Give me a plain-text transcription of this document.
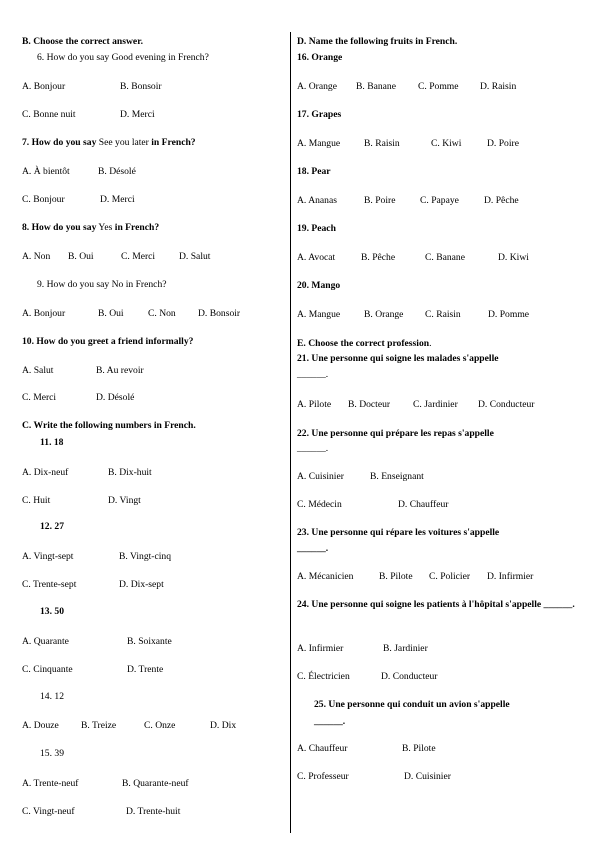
B. Choose the correct answer.
6. How do you say Good evening in French?
A. Bonjour	B. Bonsoir
C. Bonne nuit	D. Merci
7. How do you say See you later in French?
A. À bientôt	B. Désolé
C. Bonjour	D. Merci
8. How do you say Yes in French?
A. Non B. Oui	C. Merci D. Salut
9. How do you say No in French?
A. Bonjour	B. Oui	C. Non D. Bonsoir
10. How do you greet a friend informally?
A. Salut	B. Au revoir
C. Merci	D. Désolé
C. Write the following numbers in French.
11. 18
A. Dix-neuf	B. Dix-huit
C. Huit	D. Vingt
12. 27
A. Vingt-sept	B. Vingt-cinq
C. Trente-sept	D. Dix-sept
13. 50
A. Quarante	B. Soixante
C. Cinquante	D. Trente
14. 12
A. Douze B. Treize	C. Onze	D. Dix
15. 39
A. Trente-neuf	B. Quarante-neuf
C. Vingt-neuf	D. Trente-huit
D. Name the following fruits in French.
16. Orange
A. Orange B. Banane C. Pomme D. Raisin
17. Grapes
A. Mangue B. Raisin	C. Kiwi	D. Poire
18. Pear
A. Ananas	B. Poire	C. Papaye	D. Pêche
19. Peach
A. Avocat	B. Pêche	C. Banane	D. Kiwi
20. Mango
A. Mangue B. Orange C. Raisin	D. Pomme
E. Choose the correct profession.
21. Une personne qui soigne les malades s'appelle
______.
A. Pilote B. Docteur C. Jardinier D. Conducteur
22. Une personne qui prépare les repas s'appelle
______.
A. Cuisinier	B. Enseignant
C. Médecin	D. Chauffeur
23. Une personne qui répare les voitures s'appelle
______.
A. Mécanicien	B. Pilote C. Policier D. Infirmier
24. Une personne qui soigne les patients à l'hôpital s'appelle ______.
A. Infirmier	B. Jardinier
C. Électricien	D. Conducteur
25. Une personne qui conduit un avion s'appelle
______.
A. Chauffeur	B. Pilote
C. Professeur	D. Cuisinier
